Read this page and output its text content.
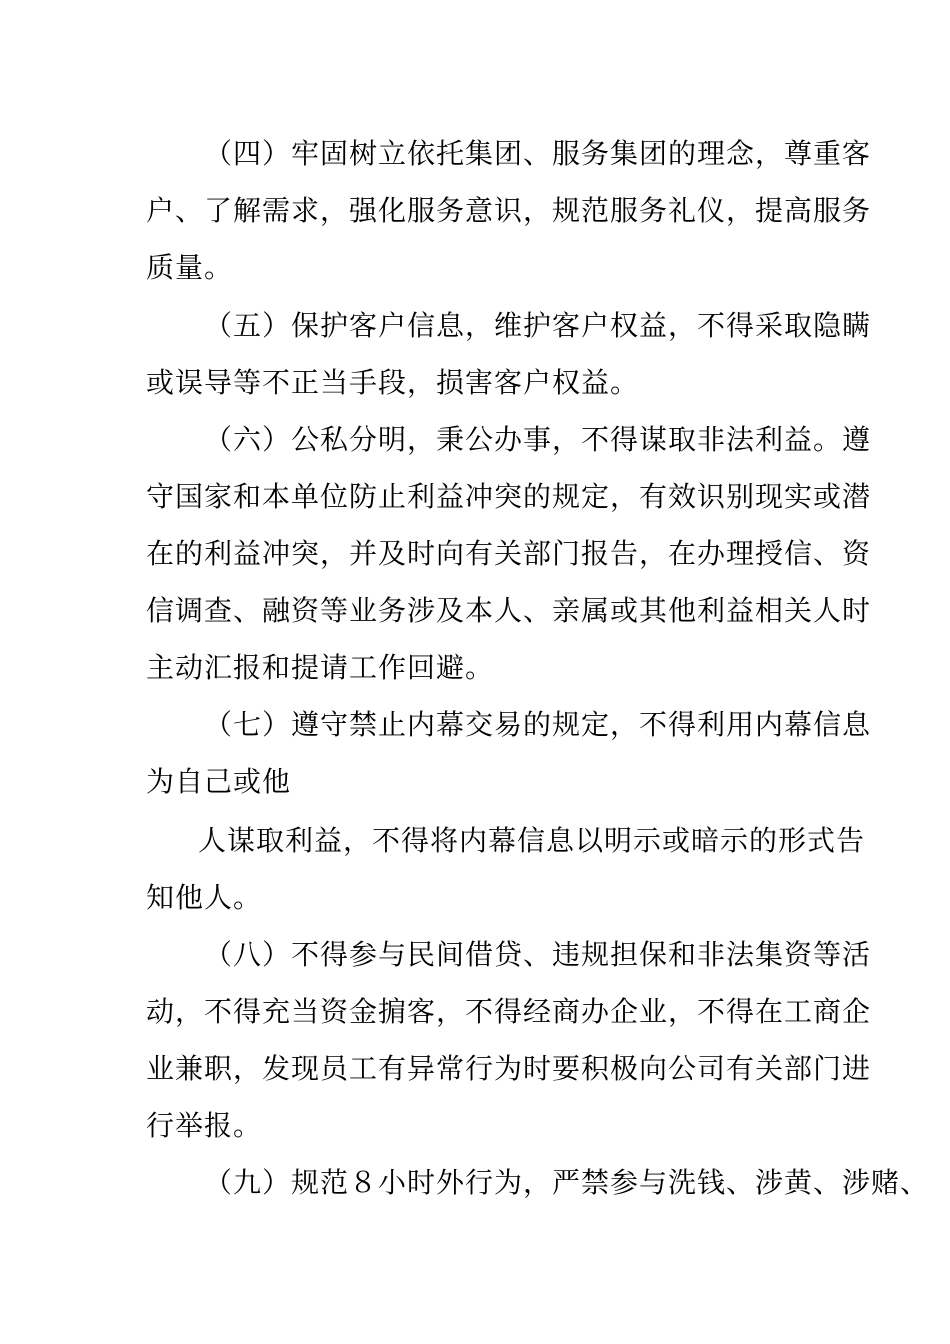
（四）牢固树立依托集团、服务集团的理念，尊重客
户、了解需求，强化服务意识，规范服务礼仪，提高服务
质量。
（五）保护客户信息，维护客户权益，不得采取隐瞒
或误导等不正当手段，损害客户权益。
（六）公私分明，秉公办事，不得谋取非法利益。遵
守国家和本单位防止利益冲突的规定，有效识别现实或潜
在的利益冲突，并及时向有关部门报告，在办理授信、资
信调查、融资等业务涉及本人、亲属或其他利益相关人时
主动汇报和提请工作回避。
（七）遵守禁止内幕交易的规定，不得利用内幕信息
为自己或他
人谋取利益，不得将内幕信息以明示或暗示的形式告
知他人。
（八）不得参与民间借贷、违规担保和非法集资等活
动，不得充当资金掮客，不得经商办企业，不得在工商企
业兼职，发现员工有异常行为时要积极向公司有关部门进
行举报。
（九）规范８小时外行为，严禁参与洗钱、涉黄、涉赌、
